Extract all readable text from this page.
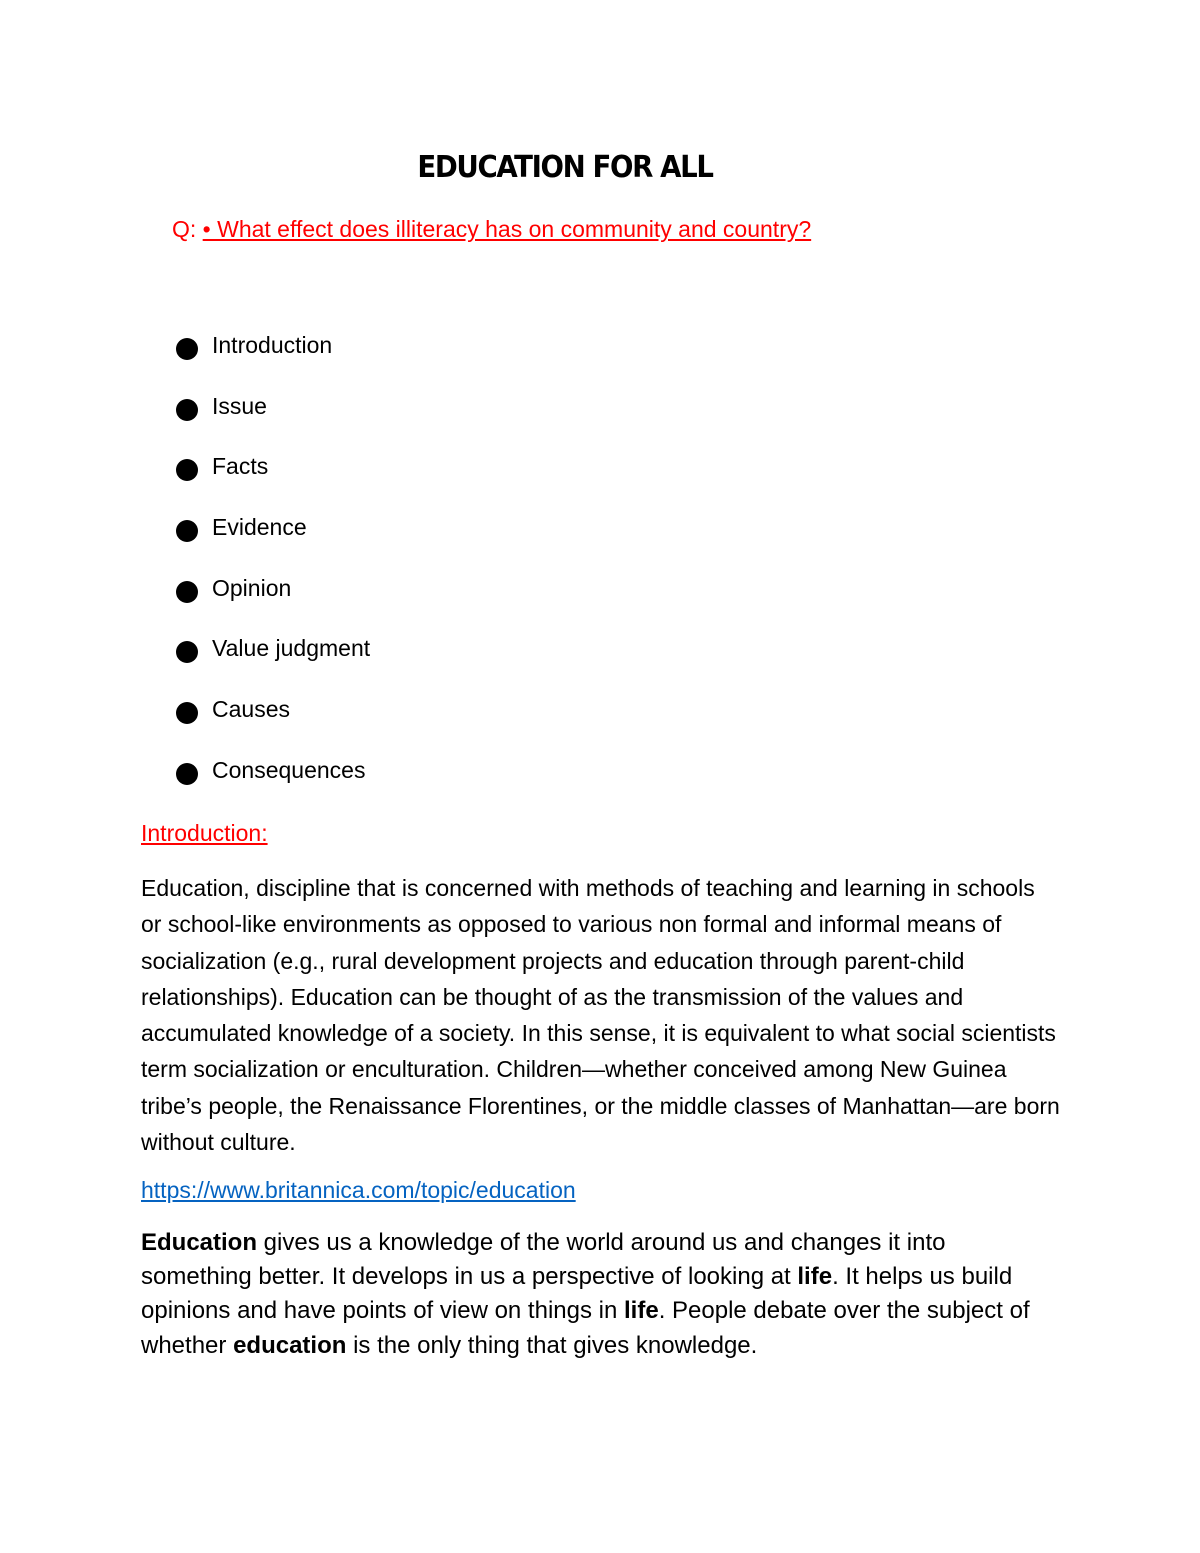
EDUCATION FOR ALL
Q: • What effect does illiteracy has on community and country?
Introduction
Issue
Facts
Evidence
Opinion
Value judgment
Causes
Consequences
Introduction:

Education, discipline that is concerned with methods of teaching and learning in schools or school-like environments as opposed to various non formal and informal means of socialization (e.g., rural development projects and education through parent-child relationships). Education can be thought of as the transmission of the values and accumulated knowledge of a society. In this sense, it is equivalent to what social scientists term socialization or enculturation. Children—whether conceived among New Guinea tribe’s people, the Renaissance Florentines, or the middle classes of Manhattan—are born without culture.

https://www.britannica.com/topic/education

Education gives us a knowledge of the world around us and changes it into something better. It develops in us a perspective of looking at life. It helps us build opinions and have points of view on things in life. People debate over the subject of whether education is the only thing that gives knowledge.
